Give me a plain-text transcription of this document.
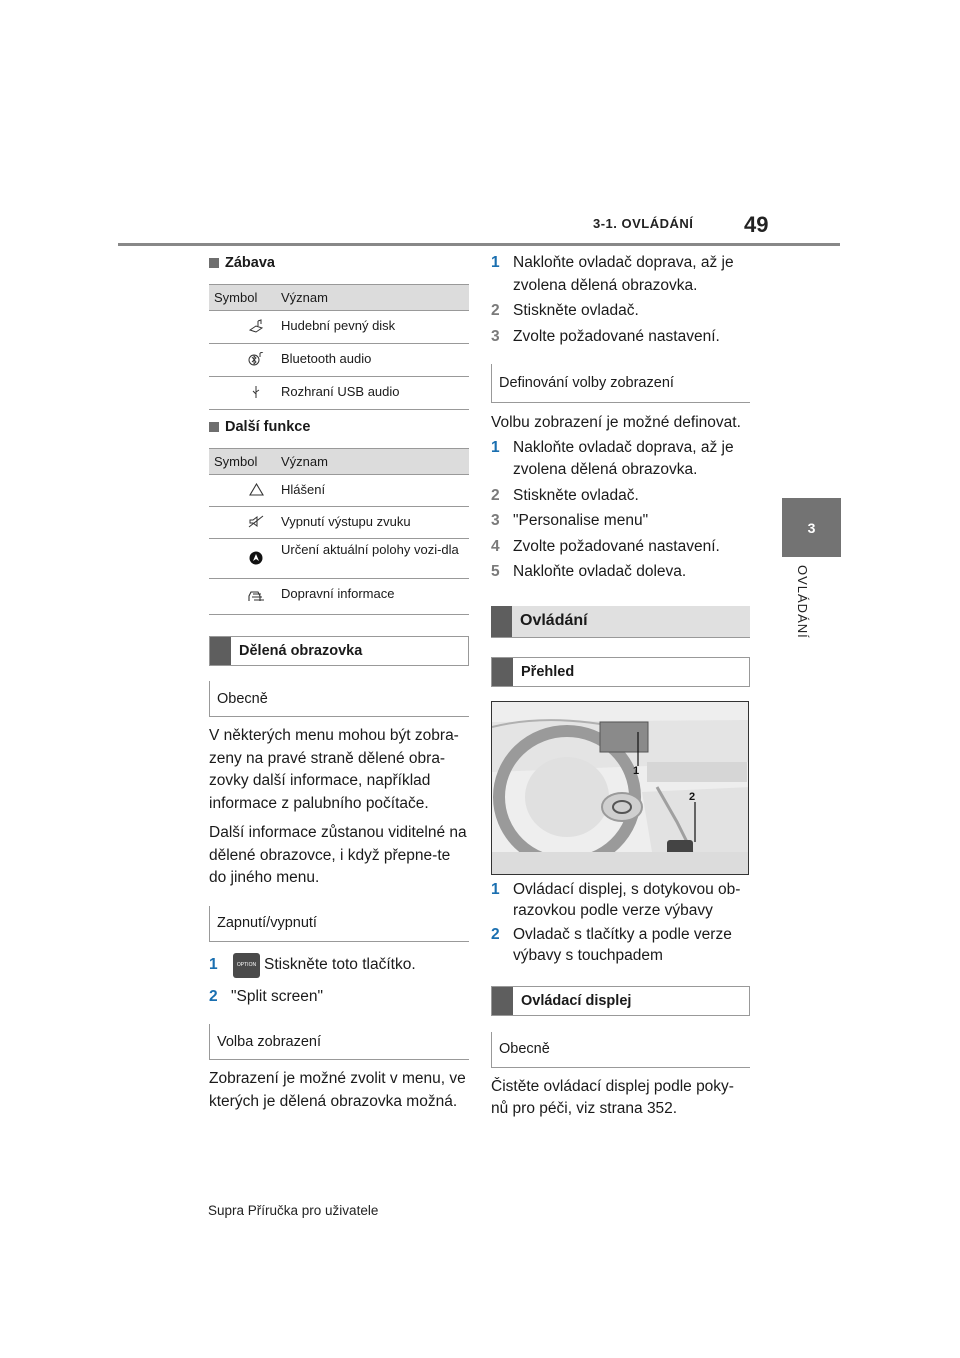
3-1. OVLÁDÁNÍ 49
3
OVLÁDÁNÍ
Zábava
Symbol	Význam
	Hudební pevný disk
	Bluetooth audio
	Rozhraní USB audio
Další funkce
Symbol	Význam
	Hlášení
	Vypnutí výstupu zvuku
	Určení aktuální polohy vozi-dla
	Dopravní informace
Dělená obrazovka
Obecně

V některých menu mohou být zobra-zeny na pravé straně dělené obra-zovky další informace, například informace z palubního počítače.

Další informace zůstanou viditelné na dělené obrazovce, i když přepne-te do jiného menu.

Zapnutí/vypnutí
1	OPTION Stiskněte toto tlačítko.
2 "Split screen"
Volba zobrazení

Zobrazení je možné zvolit v menu, ve kterých je dělená obrazovka možná.

1 Nakloňte ovladač doprava, až je zvolena dělená obrazovka.
2 Stiskněte ovladač.
3 Zvolte požadované nastavení.
Definování volby zobrazení

Volbu zobrazení je možné definovat.

1 Nakloňte ovladač doprava, až je zvolena dělená obrazovka.
2 Stiskněte ovladač.
3 "Personalise menu"
4 Zvolte požadované nastavení.
5 Nakloňte ovladač doleva.
Ovládání
Přehled
1
2
1 Ovládací displej, s dotykovou ob-razovkou podle verze výbavy
2 Ovladač s tlačítky a podle verze výbavy s touchpadem
Ovládací displej
Obecně

Čistěte ovládací displej podle poky-nů pro péči, viz strana 352.

Supra Příručka pro uživatele
